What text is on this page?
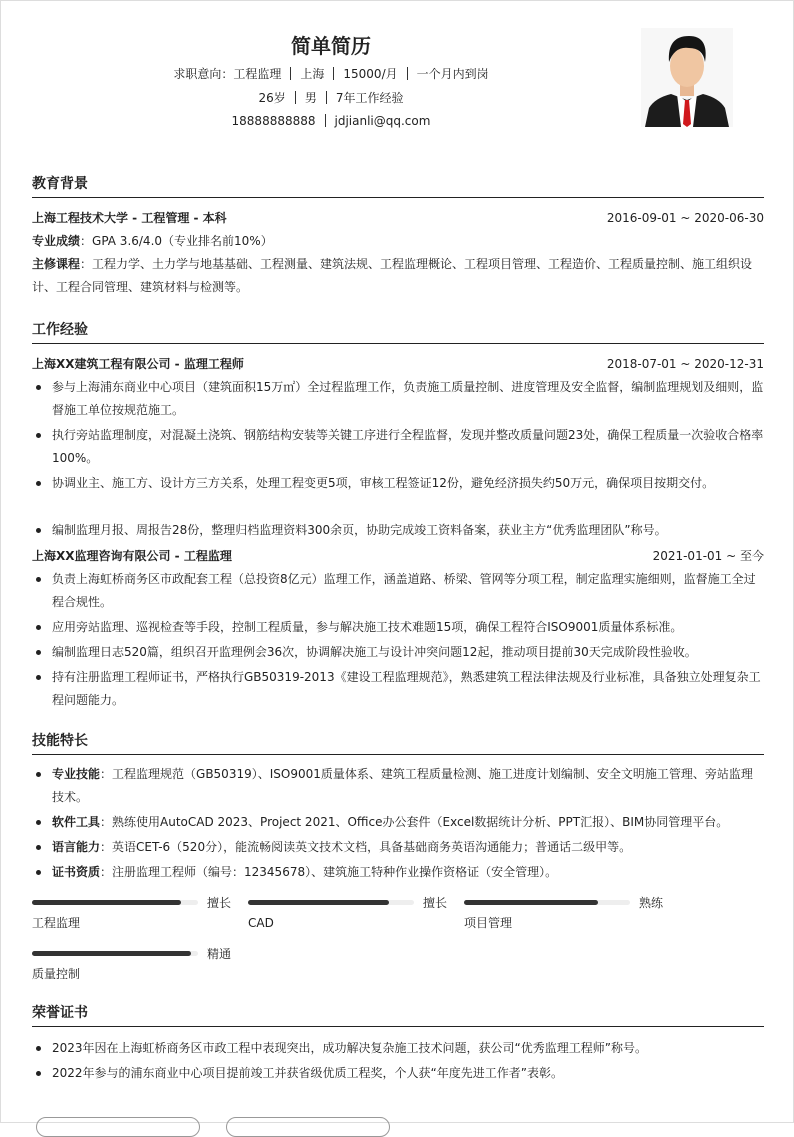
简单简历
求职意向：工程监理 上海 15000/月 一个月内到岗
26岁 男 7年工作经验
18888888888 jdjianli@qq.com
教育背景
上海工程技术大学 - 工程管理 - 本科	2016-09-01 ~ 2020-06-30
专业成绩：GPA 3.6/4.0（专业排名前10%）
主修课程：工程力学、土力学与地基基础、工程测量、建筑法规、工程监理概论、工程项目管理、工程造价、工程质量控制、施工组织设计、工程合同管理、建筑材料与检测等。
工作经验
上海XX建筑工程有限公司 - 监理工程师	2018-07-01 ~ 2020-12-31
参与上海浦东商业中心项目（建筑面积15万㎡）全过程监理工作，负责施工质量控制、进度管理及安全监督，编制监理规划及细则，监督施工单位按规范施工。
执行旁站监理制度，对混凝土浇筑、钢筋结构安装等关键工序进行全程监督，发现并整改质量问题23处，确保工程质量一次验收合格率100%。
协调业主、施工方、设计方三方关系，处理工程变更5项，审核工程签证12份，避免经济损失约50万元，确保项目按期交付。
编制监理月报、周报告28份，整理归档监理资料300余页，协助完成竣工资料备案，获业主方“优秀监理团队”称号。
上海XX监理咨询有限公司 - 工程监理	2021-01-01 ~ 至今
负责上海虹桥商务区市政配套工程（总投资8亿元）监理工作，涵盖道路、桥梁、管网等分项工程，制定监理实施细则，监督施工全过程合规性。
应用旁站监理、巡视检查等手段，控制工程质量，参与解决施工技术难题15项，确保工程符合ISO9001质量体系标准。
编制监理日志520篇，组织召开监理例会36次，协调解决施工与设计冲突问题12起，推动项目提前30天完成阶段性验收。
持有注册监理工程师证书，严格执行GB50319-2013《建设工程监理规范》，熟悉建筑工程法律法规及行业标准，具备独立处理复杂工程问题能力。
技能特长
专业技能：工程监理规范（GB50319）、ISO9001质量体系、建筑工程质量检测、施工进度计划编制、安全文明施工管理、旁站监理技术。
软件工具：熟练使用AutoCAD 2023、Project 2021、Office办公套件（Excel数据统计分析、PPT汇报）、BIM协同管理平台。
语言能力：英语CET-6（520分），能流畅阅读英文技术文档，具备基础商务英语沟通能力；普通话二级甲等。
证书资质：注册监理工程师（编号：12345678）、建筑施工特种作业操作资格证（安全管理）。
擅长
工程监理
擅长
CAD
熟练
项目管理
精通
质量控制
荣誉证书
2023年因在上海虹桥商务区市政工程中表现突出，成功解决复杂施工技术问题，获公司“优秀监理工程师”称号。
2022年参与的浦东商业中心项目提前竣工并获省级优质工程奖，个人获“年度先进工作者”表彰。
